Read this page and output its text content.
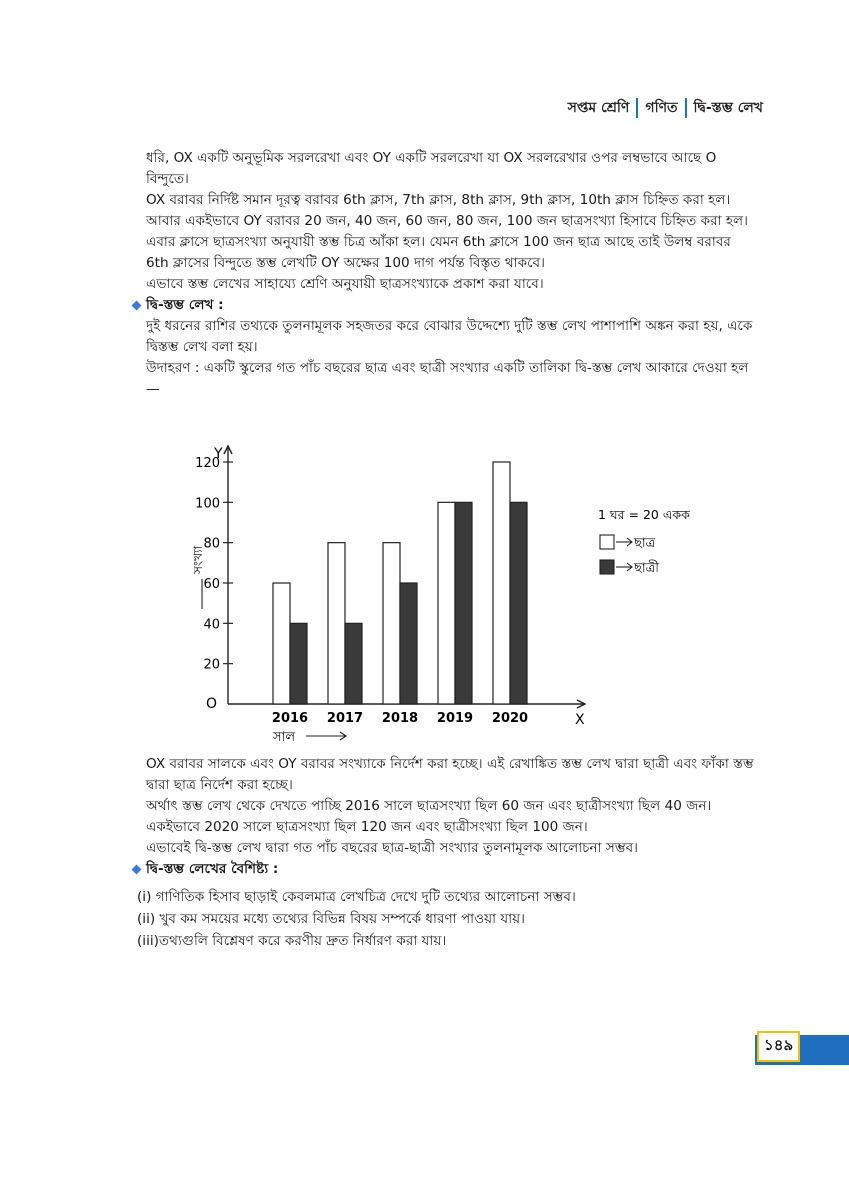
সপ্তম শ্রেণি গণিত দ্বি-স্তম্ভ লেখ

ধরি, OX একটি অনুভূমিক সরলরেখা এবং OY একটি সরলরেখা যা OX সরলরেখার ওপর লম্বভাবে আছে O বিন্দুতে।

OX বরাবর নির্দিষ্ট সমান দূরত্ব বরাবর 6th ক্লাস, 7th ক্লাস, 8th ক্লাস, 9th ক্লাস, 10th ক্লাস চিহ্নিত করা হল।

আবার একইভাবে OY বরাবর 20 জন, 40 জন, 60 জন, 80 জন, 100 জন ছাত্রসংখ্যা হিসাবে চিহ্নিত করা হল।

এবার ক্লাসে ছাত্রসংখ্যা অনুযায়ী স্তম্ভ চিত্র আঁকা হল। যেমন 6th ক্লাসে 100 জন ছাত্র আছে তাই উলম্ব বরাবর 6th ক্লাসের বিন্দুতে স্তম্ভ লেখটি OY অক্ষের 100 দাগ পর্যন্ত বিস্তৃত থাকবে।

এভাবে স্তম্ভ লেখের সাহায্যে শ্রেণি অনুযায়ী ছাত্রসংখ্যাকে প্রকাশ করা যাবে।

দ্বি-স্তম্ভ লেখ :

দুই ধরনের রাশির তথ্যকে তুলনামূলক সহজতর করে বোঝার উদ্দেশ্যে দুটি স্তম্ভ লেখ পাশাপাশি অঙ্কন করা হয়, একে দ্বিস্তম্ভ লেখ বলা হয়।

উদাহরণ : একটি স্কুলের গত পাঁচ বছরের ছাত্র এবং ছাত্রী সংখ্যার একটি তালিকা দ্বি-স্তম্ভ লেখ আকারে দেওয়া হল—

Y
X
O
20
40
60
80
100
120
সংখ্যা
2016 2017 2018 2019 2020
সাল
1 ঘর = 20 একক
ছাত্র
ছাত্রী

OX বরাবর সালকে এবং OY বরাবর সংখ্যাকে নির্দেশ করা হচ্ছে। এই রেখাঙ্কিত স্তম্ভ লেখ দ্বারা ছাত্রী এবং ফাঁকা স্তম্ভ দ্বারা ছাত্র নির্দেশ করা হচ্ছে।

অর্থাৎ স্তম্ভ লেখ থেকে দেখতে পাচ্ছি 2016 সালে ছাত্রসংখ্যা ছিল 60 জন এবং ছাত্রীসংখ্যা ছিল 40 জন।

একইভাবে 2020 সালে ছাত্রসংখ্যা ছিল 120 জন এবং ছাত্রীসংখ্যা ছিল 100 জন।

এভাবেই দ্বি-স্তম্ভ লেখ দ্বারা গত পাঁচ বছরের ছাত্র-ছাত্রী সংখ্যার তুলনামূলক আলোচনা সম্ভব।

দ্বি-স্তম্ভ লেখের বৈশিষ্ট্য :

(i) গাণিতিক হিসাব ছাড়াই কেবলমাত্র লেখচিত্র দেখে দুটি তথ্যের আলোচনা সম্ভব।

(ii) খুব কম সময়ের মধ্যে তথ্যের বিভিন্ন বিষয় সম্পর্কে ধারণা পাওয়া যায়।

(iii)তথ্যগুলি বিশ্লেষণ করে করণীয় দ্রুত নির্ধারণ করা যায়।

১৪৯
